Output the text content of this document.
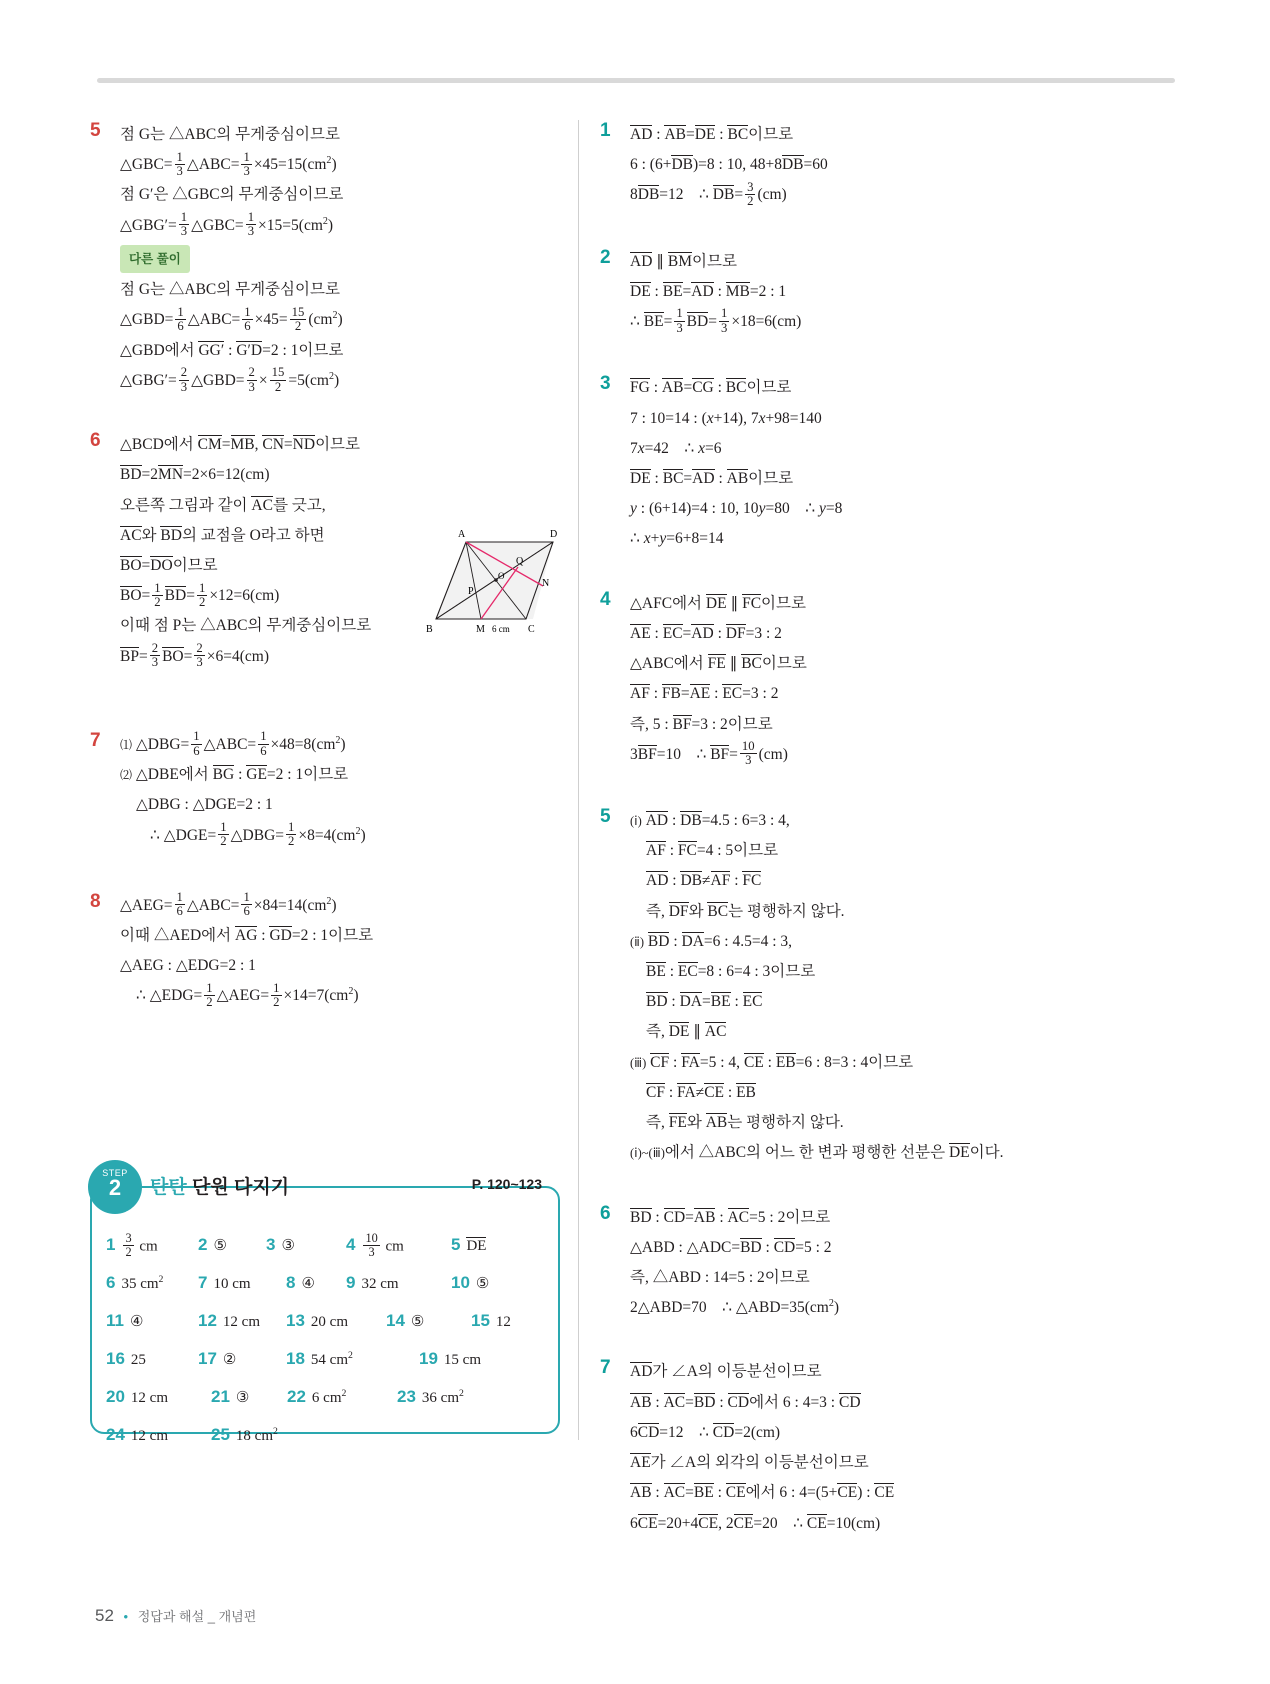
5	점 G는 △ABC의 무게중심이므로
△GBC= $\frac{1}{3}$ △ABC= $\frac{1}{3} \times 45=15(cm^2)$
점 G′은 △GBC의 무게중심이므로
△GBG′= $\frac{1}{3}$ △GBC= $\frac{1}{3} \times 15=5(cm^2)$
다른 풀이
점 G는 △ABC의 무게중심이므로
△GBD= $\frac{1}{6}$ △ABC= $\frac{1}{6} \times 45= \frac{15}{2} (cm^2)$
△GBD에서 GG′ : G′D=2 : 1이므로
△GBG′= $\frac{2}{3}$ △GBD= $\frac{2}{3} \times \frac{15}{2} =5(cm^2)$
6	△BCD에서 CM=MB, CN=ND이므로
BD=2MN=2×6=12(cm)
오른쪽 그림과 같이 AC를 긋고,
AC와 BD의 교점을 O라고 하면
BO=DO이므로
$BO= \frac{1}{2} BD= \frac{1}{2} \times 12=6(cm)$
이때 점 P는 △ABC의 무게중심이므로
$BP= \frac{2}{3} BO= \frac{2}{3} \times 6=4(cm)$
A	D
Q
O
N
P
B	M	C
6 cm
7	⑴ △DBG= $\frac{1}{6}$ △ABC= $\frac{1}{6} \times 48=8(cm^2)$
⑵ △DBE에서 BG : GE=2 : 1이므로
△DBG : △DGE=2 : 1
∴ △DGE= $\frac{1}{2}$ △DBG= $\frac{1}{2} \times 8=4(cm^2)$
8	△AEG= $\frac{1}{6}$ △ABC= $\frac{1}{6} \times 84=14(cm^2)$
이때 △AED에서 AG : GD=2 : 1이므로
△AEG : △EDG=2 : 1
∴ △EDG= $\frac{1}{2}$ △AEG= $\frac{1}{2} \times 14=7(cm^2)$
STEP
2	탄탄 단원 다지기	P. 120~123
$1 \frac{3}{2}$ cm 2 ⑤ 3 ③	$4 \frac{10}{3}$ cm	5 DE
6 35 $cm^2$ 7 10 cm 8 ④ 9 32 cm	10 ⑤
11 ④	12 12 cm 13 20 cm 14 ⑤	15 12
16 25	17 ②	18 54 $cm^2$	19 15 cm
20 12 cm	21 ③ 22 6 $cm^2$	23 36 $cm^2$
24 12 cm	25 18 $cm^2$
1	AD : AB=DE : BC이므로
6 : (6+DB)=8 : 10, 48+8DB=60
8DB=12    ∴ $DB= \frac{3}{2} (cm)$
2	AD ∥ BM이므로
DE : BE=AD : MB=2 : 1
∴ $BE= \frac{1}{3} BD= \frac{1}{3} \times 18=6(cm)$
3	FG : AB=CG : BC이므로
7 : 10=14 : (x+14), 7x+98=140
7x=42    ∴ x=6
DE : BC=AD : AB이므로
y : (6+14)=4 : 10, 10y=80    ∴ y=8
∴ x+y=6+8=14
4	△AFC에서 DE ∥ FC이므로
AE : EC=AD : DF=3 : 2
△ABC에서 FE ∥ BC이므로
AF : FB=AE : EC=3 : 2
즉, 5 : BF=3 : 2이므로
3BF=10    ∴ $BF= \frac{10}{3} (cm)$
5	(ⅰ) AD : DB=4.5 : 6=3 : 4,
AF : FC=4 : 5이므로
AD : DB≠AF : FC
즉, DF와 BC는 평행하지 않다.
(ⅱ) BD : DA=6 : 4.5=4 : 3,
BE : EC=8 : 6=4 : 3이므로
BD : DA=BE : EC
즉, DE ∥ AC
(ⅲ) CF : FA=5 : 4, CE : EB=6 : 8=3 : 4이므로
CF : FA≠CE : EB
즉, FE와 AB는 평행하지 않다.
(ⅰ)~(ⅲ)에서 △ABC의 어느 한 변과 평행한 선분은 DE이다.
6	BD : CD=AB : AC=5 : 2이므로
△ABD : △ADC=BD : CD=5 : 2
즉, △ABD : 14=5 : 2이므로
2△ABD=70    ∴ $\triangle ABD=35(cm^2)$
7	AD가 ∠A의 이등분선이므로
AB : AC=BD : CD에서 6 : 4=3 : CD
6CD=12    ∴ CD=2(cm)
AE가 ∠A의 외각의 이등분선이므로
AB : AC=BE : CE에서 6 : 4=(5+CE) : CE
6CE=20+4CE, 2CE=20    ∴ CE=10(cm)
52 • 정답과 해설 _ 개념편
